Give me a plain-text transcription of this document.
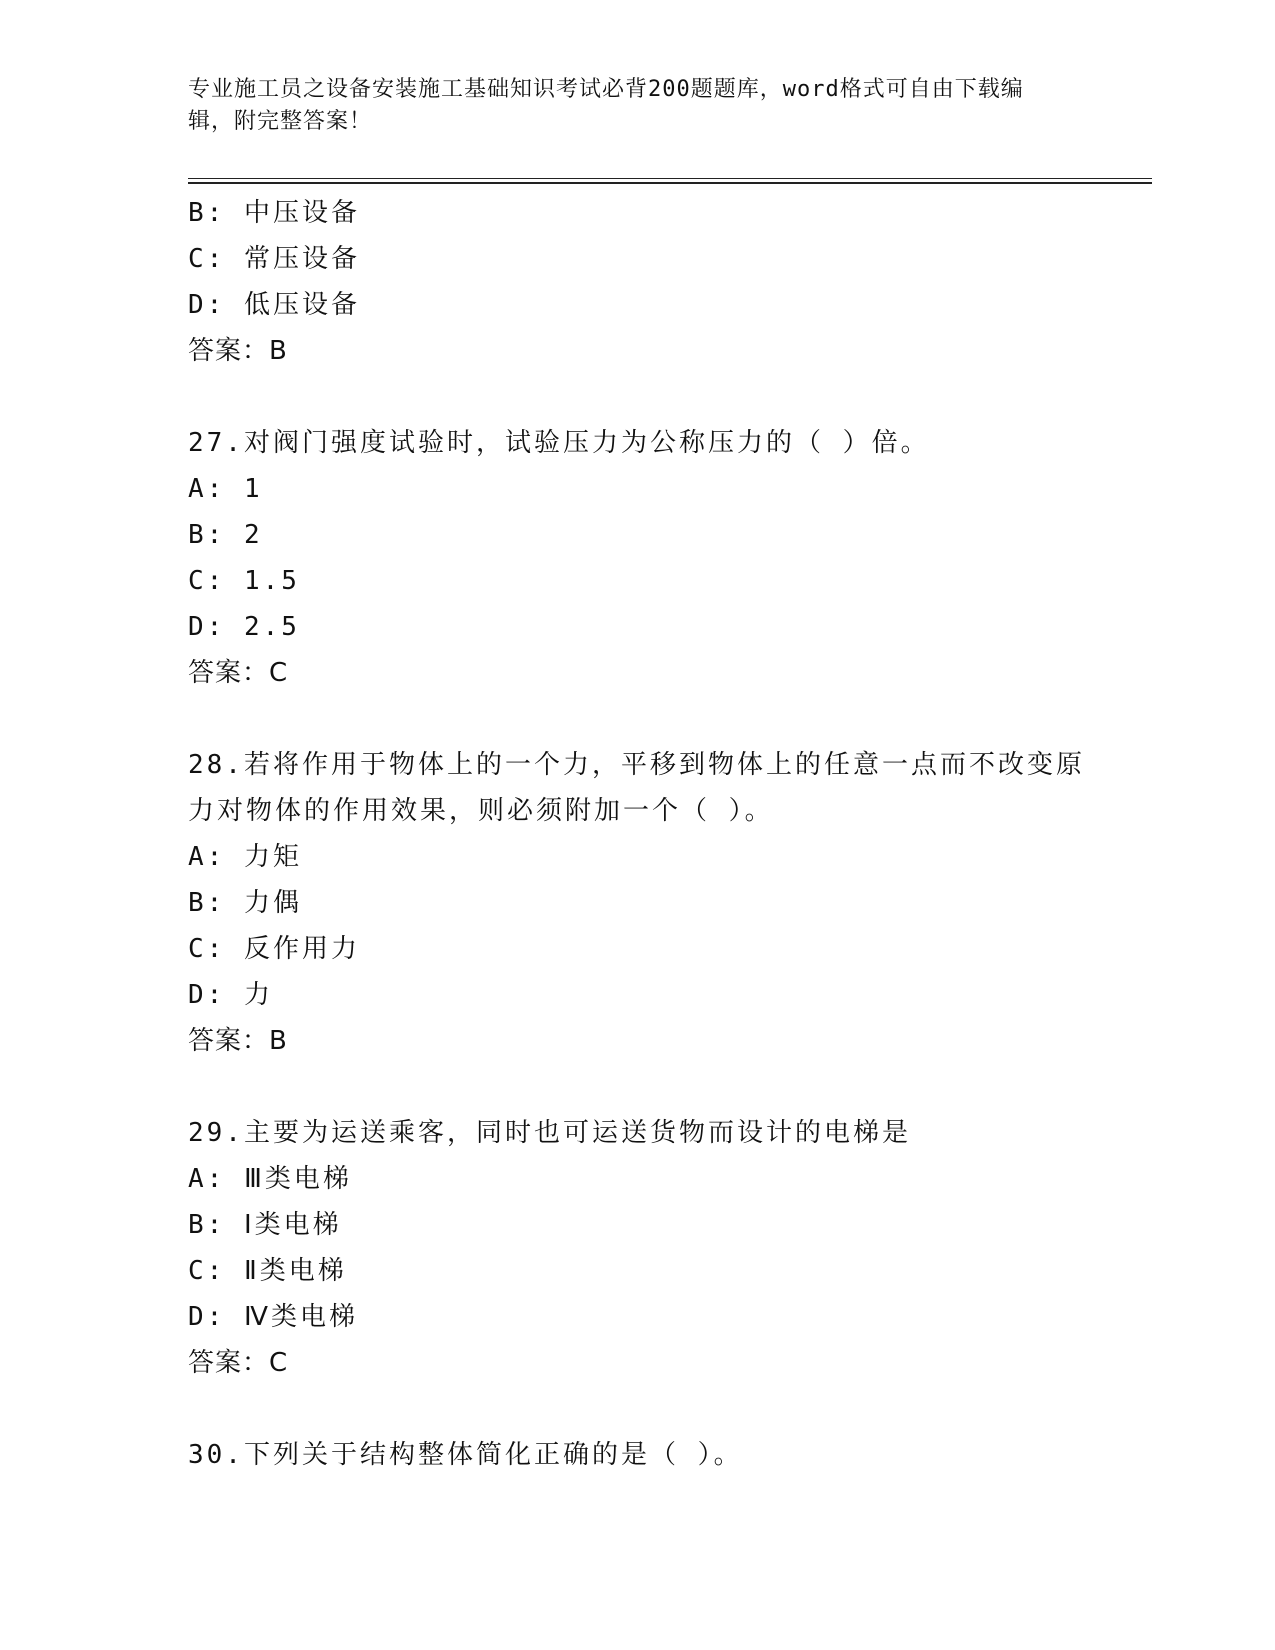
专业施工员之设备安装施工基础知识考试必背200题题库，word格式可自由下载编辑，附完整答案！
B: 中压设备
C: 常压设备
D: 低压设备
答案：B
27.对阀门强度试验时，试验压力为公称压力的（ ）倍。
A: 1
B: 2
C: 1.5
D: 2.5
答案：C
28.若将作用于物体上的一个力，平移到物体上的任意一点而不改变原力对物体的作用效果，则必须附加一个（ ）。
A: 力矩
B: 力偶
C: 反作用力
D: 力
答案：B
29.主要为运送乘客，同时也可运送货物而设计的电梯是
A: Ⅲ类电梯
B: Ⅰ类电梯
C: Ⅱ类电梯
D: Ⅳ类电梯
答案：C
30.下列关于结构整体简化正确的是（ ）。
